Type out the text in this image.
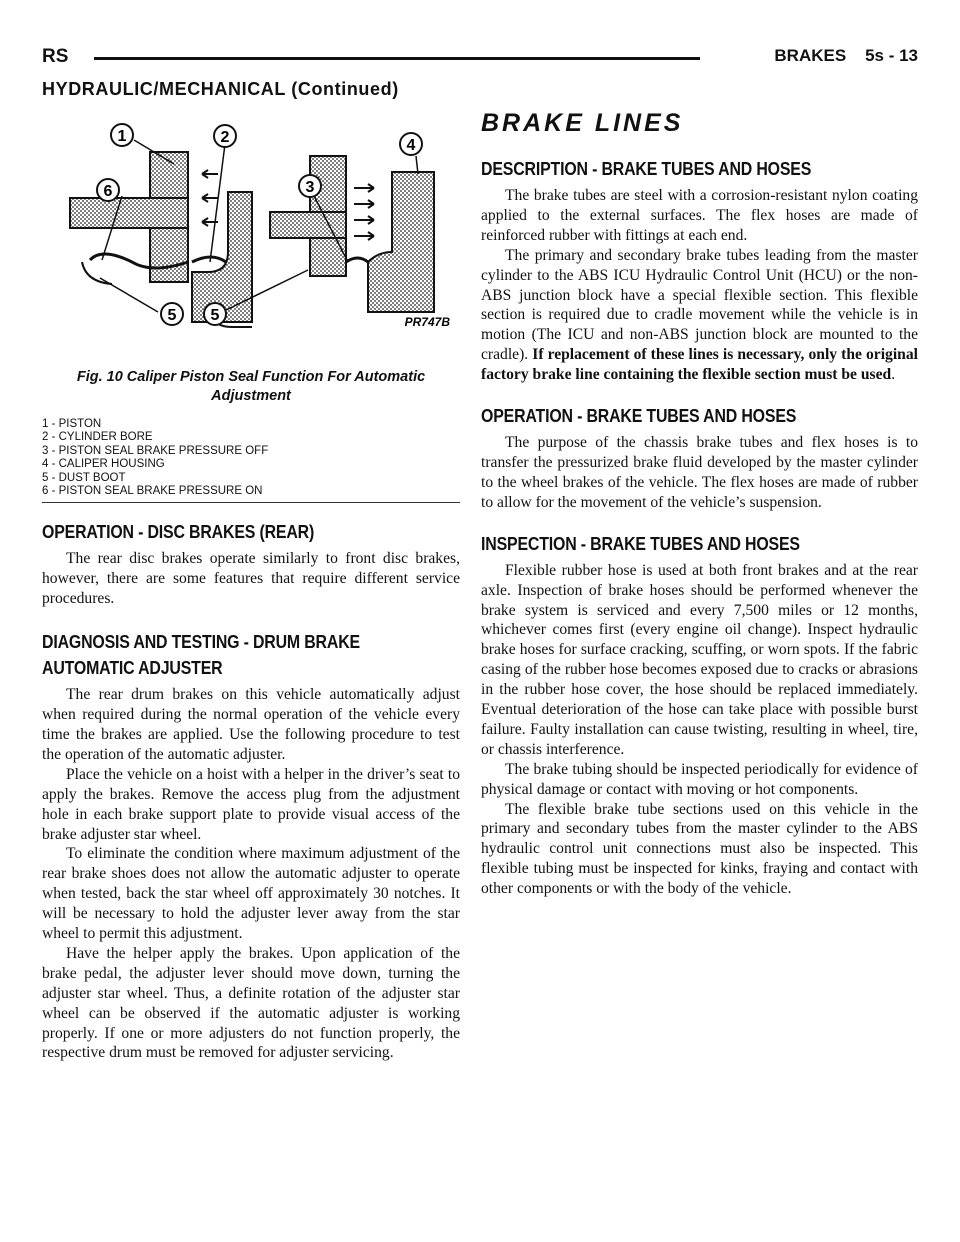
RS	BRAKES    5s - 13
HYDRAULIC/MECHANICAL (Continued)
1	2
6	3
4
5 5	PR747B
Fig. 10 Caliper Piston Seal Function For Automatic Adjustment
1 - PISTON
2 - CYLINDER BORE
3 - PISTON SEAL BRAKE PRESSURE OFF
4 - CALIPER HOUSING
5 - DUST BOOT
6 - PISTON SEAL BRAKE PRESSURE ON
OPERATION - DISC BRAKES (REAR)

The rear disc brakes operate similarly to front disc brakes, however, there are some features that require different service procedures.

DIAGNOSIS AND TESTING - DRUM BRAKE
AUTOMATIC ADJUSTER

The rear drum brakes on this vehicle automatically adjust when required during the normal operation of the vehicle every time the brakes are applied. Use the following procedure to test the operation of the automatic adjuster.

Place the vehicle on a hoist with a helper in the driver’s seat to apply the brakes. Remove the access plug from the adjustment hole in each brake support plate to provide visual access of the brake adjuster star wheel.

To eliminate the condition where maximum adjustment of the rear brake shoes does not allow the automatic adjuster to operate when tested, back the star wheel off approximately 30 notches. It will be necessary to hold the adjuster lever away from the star wheel to permit this adjustment.

Have the helper apply the brakes. Upon application of the brake pedal, the adjuster lever should move down, turning the adjuster star wheel. Thus, a definite rotation of the adjuster star wheel can be observed if the automatic adjuster is working properly. If one or more adjusters do not function properly, the respective drum must be removed for adjuster servicing.

BRAKE LINES
DESCRIPTION - BRAKE TUBES AND HOSES

The brake tubes are steel with a corrosion-resistant nylon coating applied to the external surfaces. The flex hoses are made of reinforced rubber with fittings at each end.

The primary and secondary brake tubes leading from the master cylinder to the ABS ICU Hydraulic Control Unit (HCU) or the non-ABS junction block have a special flexible section. This flexible section is required due to cradle movement while the vehicle is in motion (The ICU and non-ABS junction block are mounted to the cradle). If replacement of these lines is necessary, only the original factory brake line containing the flexible section must be used.

OPERATION - BRAKE TUBES AND HOSES

The purpose of the chassis brake tubes and flex hoses is to transfer the pressurized brake fluid developed by the master cylinder to the wheel brakes of the vehicle. The flex hoses are made of rubber to allow for the movement of the vehicle’s suspension.

INSPECTION - BRAKE TUBES AND HOSES

Flexible rubber hose is used at both front brakes and at the rear axle. Inspection of brake hoses should be performed whenever the brake system is serviced and every 7,500 miles or 12 months, whichever comes first (every engine oil change). Inspect hydraulic brake hoses for surface cracking, scuffing, or worn spots. If the fabric casing of the rubber hose becomes exposed due to cracks or abrasions in the rubber hose cover, the hose should be replaced immediately. Eventual deterioration of the hose can take place with possible burst failure. Faulty installation can cause twisting, resulting in wheel, tire, or chassis interference.

The brake tubing should be inspected periodically for evidence of physical damage or contact with moving or hot components.

The flexible brake tube sections used on this vehicle in the primary and secondary tubes from the master cylinder to the ABS hydraulic control unit connections must also be inspected. This flexible tubing must be inspected for kinks, fraying and contact with other components or with the body of the vehicle.
